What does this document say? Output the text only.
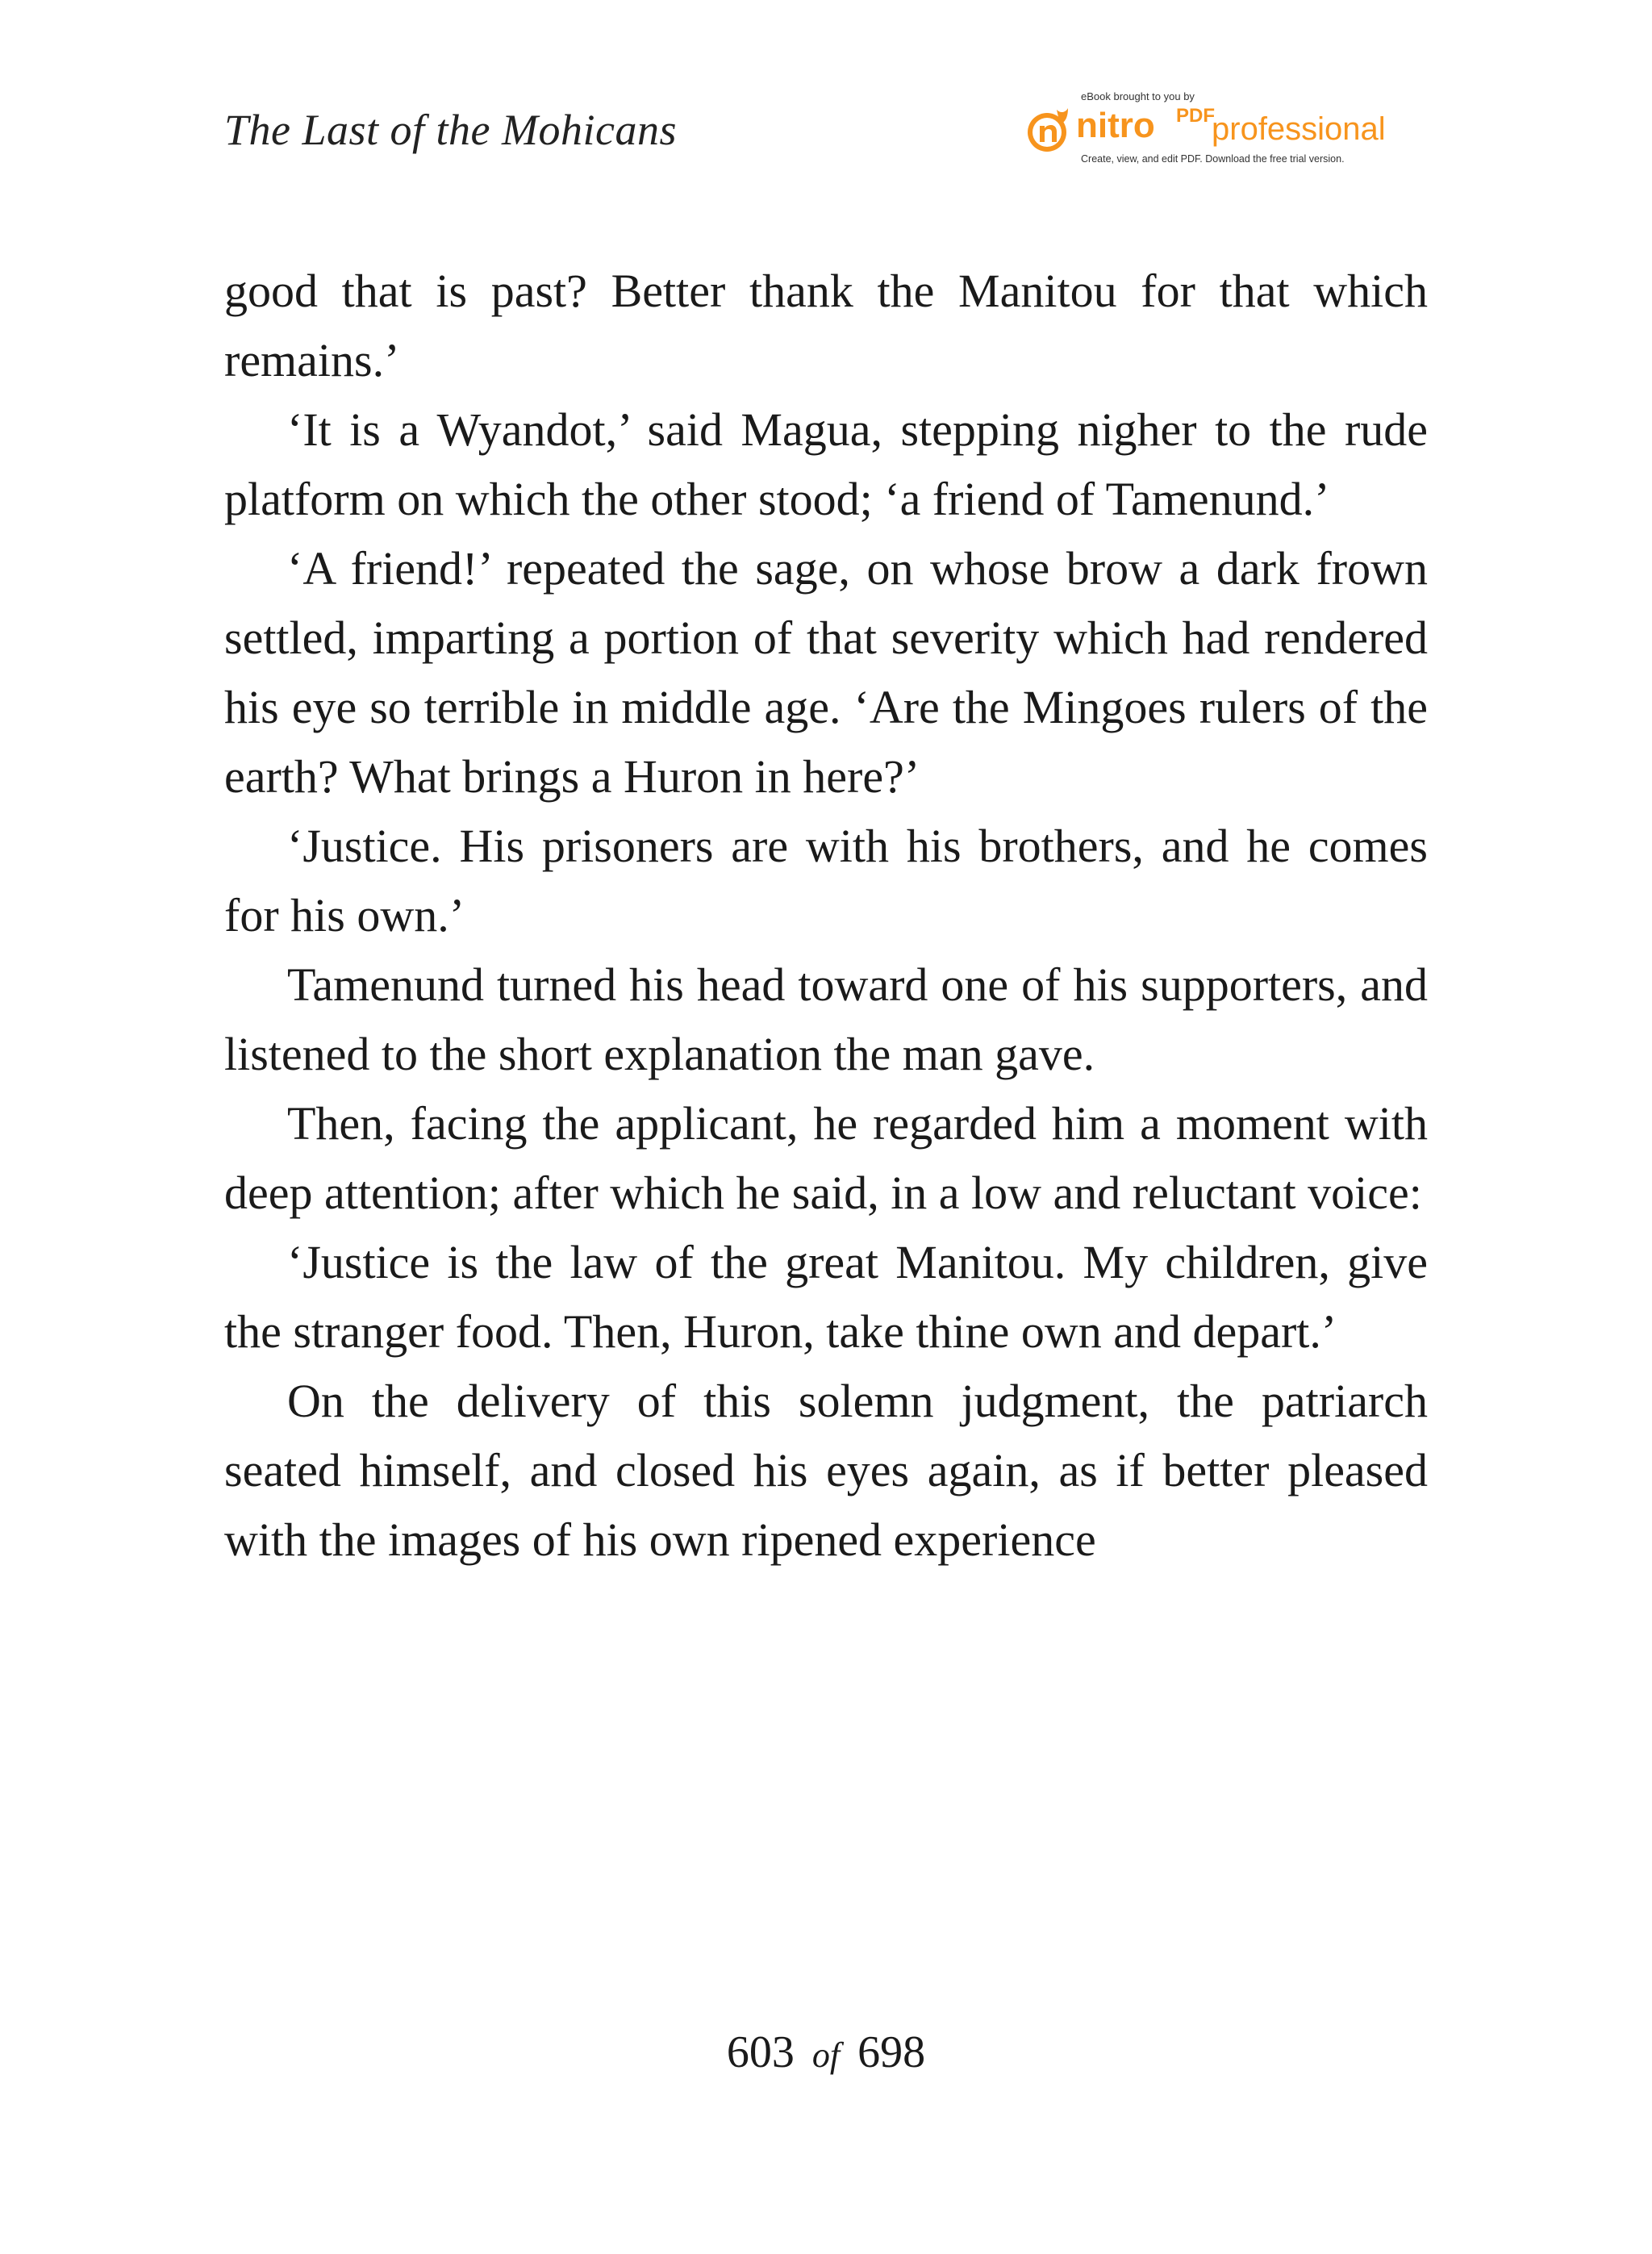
The Last of the Mohicans
eBook brought to you by
nitro PDF
professional
Create, view, and edit PDF. Download the free trial version.

good that is past? Better thank the Manitou for that which remains.’

‘It is a Wyandot,’ said Magua, stepping nigher to the rude platform on which the other stood; ‘a friend of Tamenund.’

‘A friend!’ repeated the sage, on whose brow a dark frown settled, imparting a portion of that severity which had rendered his eye so terrible in middle age. ‘Are the Mingoes rulers of the earth? What brings a Huron in here?’

‘Justice. His prisoners are with his brothers, and he comes for his own.’

Tamenund turned his head toward one of his supporters, and listened to the short explanation the man gave.

Then, facing the applicant, he regarded him a moment with deep attention; after which he said, in a low and reluctant voice:

‘Justice is the law of the great Manitou. My children, give the stranger food. Then, Huron, take thine own and depart.’

On the delivery of this solemn judgment, the patriarch seated himself, and closed his eyes again, as if better pleased with the images of his own ripened experience

603 of 698
